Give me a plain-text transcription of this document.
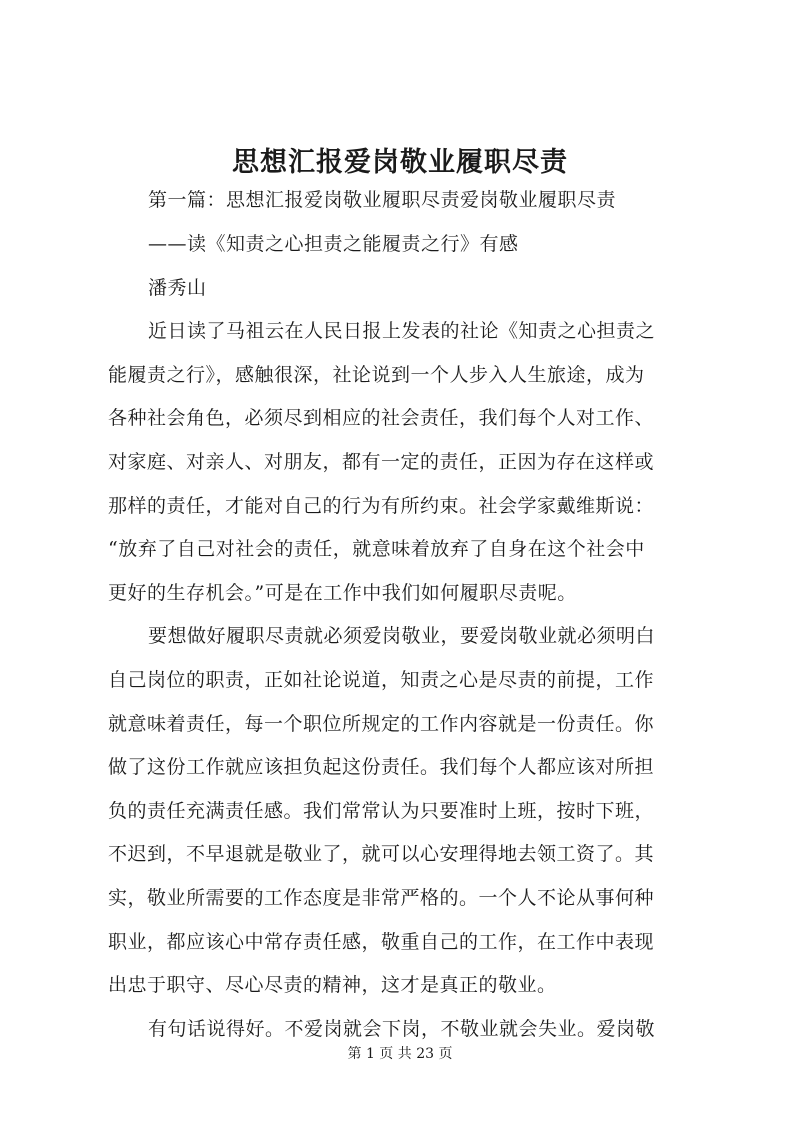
思想汇报爱岗敬业履职尽责
第一篇：思想汇报爱岗敬业履职尽责爱岗敬业履职尽责
——读《知责之心担责之能履责之行》有感
潘秀山
近日读了马祖云在人民日报上发表的社论《知责之心担责之
能履责之行》，感触很深，社论说到一个人步入人生旅途，成为
各种社会角色，必须尽到相应的社会责任，我们每个人对工作、
对家庭、对亲人、对朋友，都有一定的责任，正因为存在这样或
那样的责任，才能对自己的行为有所约束。社会学家戴维斯说：
“放弃了自己对社会的责任，就意味着放弃了自身在这个社会中
更好的生存机会。”可是在工作中我们如何履职尽责呢。
要想做好履职尽责就必须爱岗敬业，要爱岗敬业就必须明白
自己岗位的职责，正如社论说道，知责之心是尽责的前提，工作
就意味着责任，每一个职位所规定的工作内容就是一份责任。你
做了这份工作就应该担负起这份责任。我们每个人都应该对所担
负的责任充满责任感。我们常常认为只要准时上班，按时下班，
不迟到，不早退就是敬业了，就可以心安理得地去领工资了。其
实，敬业所需要的工作态度是非常严格的。一个人不论从事何种
职业，都应该心中常存责任感，敬重自己的工作，在工作中表现
出忠于职守、尽心尽责的精神，这才是真正的敬业。
有句话说得好。不爱岗就会下岗，不敬业就会失业。爱岗敬
第 1 页 共 23 页
